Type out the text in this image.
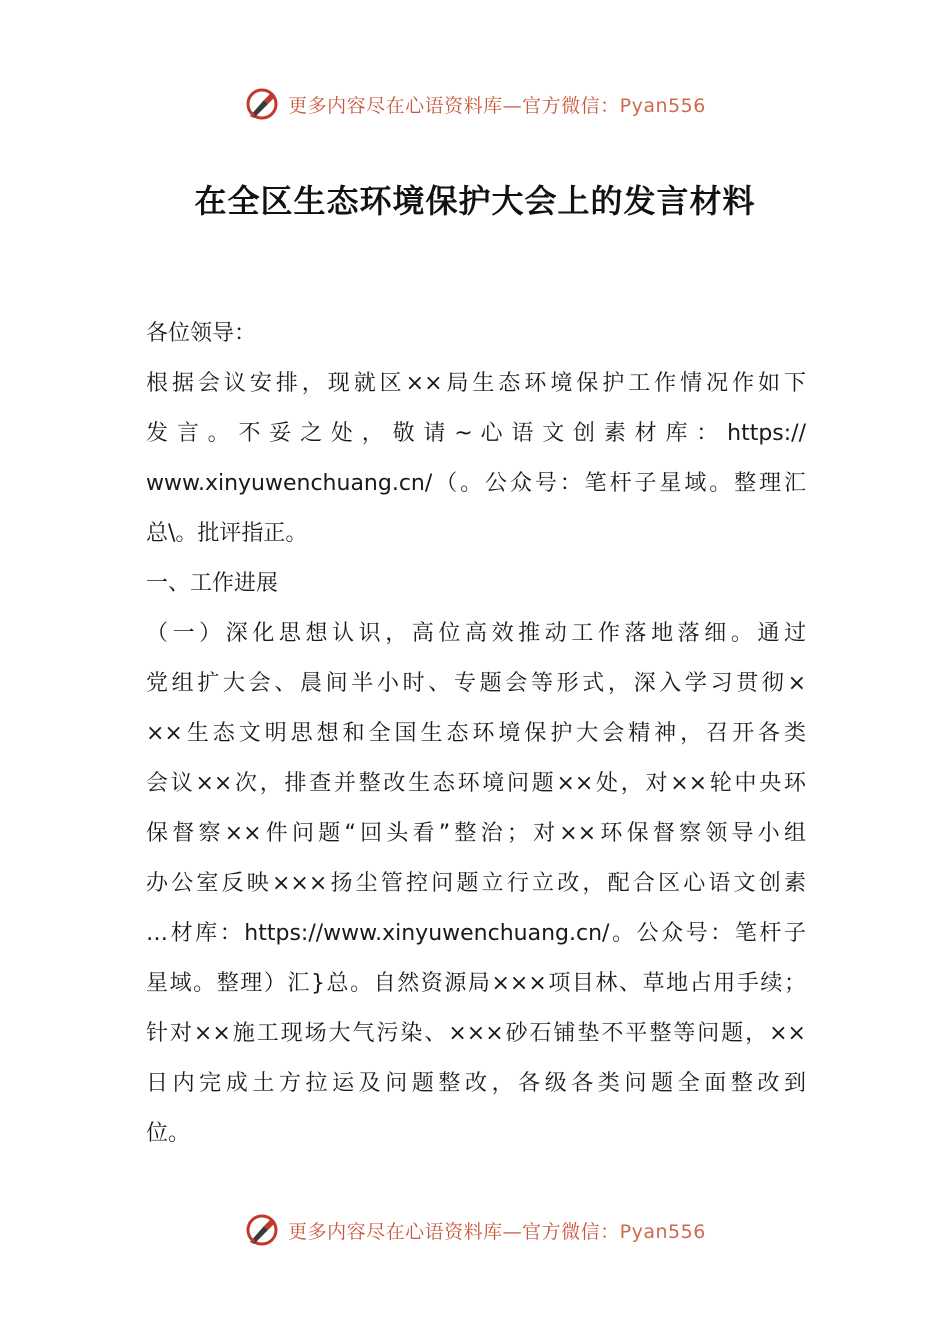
更多内容尽在心语资料库—官方微信：Pyan556
在全区生态环境保护大会上的发言材料
各位领导：
根据会议安排，现就区××局生态环境保护工作情况作如下
发 言 。 不 妥 之 处 ， 敬 请 ~ 心 语 文 创 素 材 库 ： https://
www.xinyuwenchuang.cn/（。公众号：笔杆子星域。整理汇
总\。批评指正。
一、工作进展
（一）深化思想认识，高位高效推动工作落地落细。通过
党组扩大会、晨间半小时、专题会等形式，深入学习贯彻×
××生态文明思想和全国生态环境保护大会精神，召开各类
会议××次，排查并整改生态环境问题××处，对××轮中央环
保督察××件问题“回头看”整治；对××环保督察领导小组
办公室反映×××扬尘管控问题立行立改，配合区心语文创素
…材库：https://www.xinyuwenchuang.cn/。公众号：笔杆子
星域。整理）汇}总。自然资源局×××项目林、草地占用手续；
针对××施工现场大气污染、×××砂石铺垫不平整等问题，××
日内完成土方拉运及问题整改，各级各类问题全面整改到
位。
更多内容尽在心语资料库—官方微信：Pyan556
